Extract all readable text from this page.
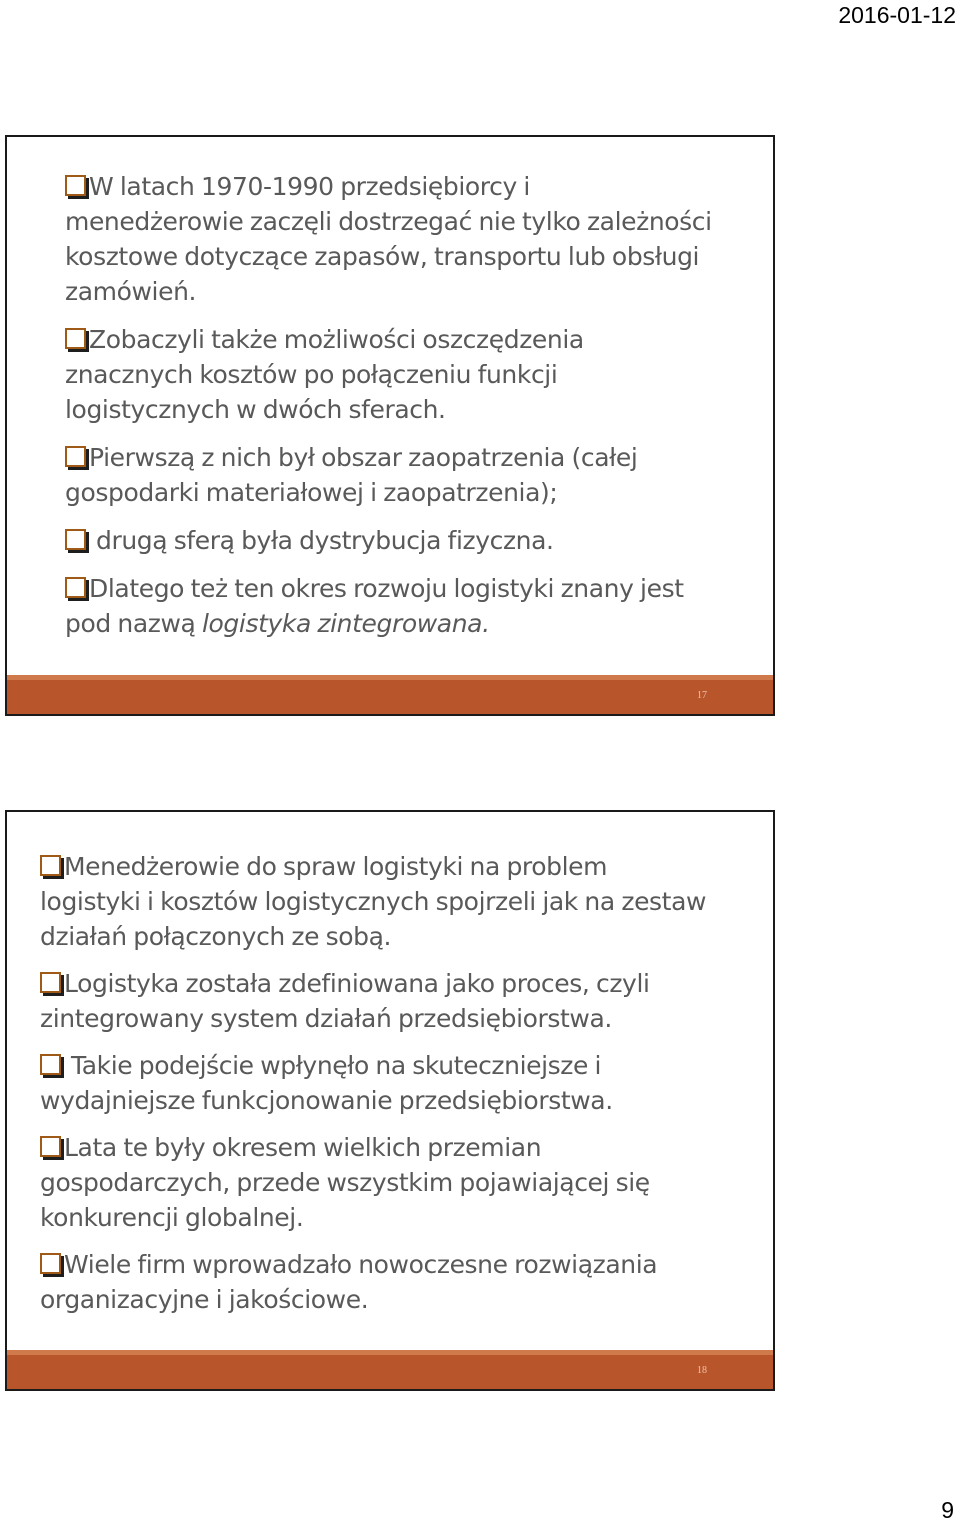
2016-01-12
W latach 1970-1990 przedsiębiorcy i menedżerowie zaczęli dostrzegać nie tylko zależności kosztowe dotyczące zapasów, transportu lub obsługi zamówień.
Zobaczyli także możliwości oszczędzenia znacznych kosztów po połączeniu funkcji logistycznych w dwóch sferach.
Pierwszą z nich był obszar zaopatrzenia (całej gospodarki materiałowej i zaopatrzenia);
drugą sferą była dystrybucja fizyczna.
Dlatego też ten okres rozwoju logistyki znany jest pod nazwą logistyka zintegrowana.
17
Menedżerowie do spraw logistyki na problem logistyki i kosztów logistycznych spojrzeli jak na zestaw działań połączonych ze sobą.
Logistyka została zdefiniowana jako proces, czyli zintegrowany system działań przedsiębiorstwa.
Takie podejście wpłynęło na skuteczniejsze i wydajniejsze funkcjonowanie przedsiębiorstwa.
Lata te były okresem wielkich przemian gospodarczych, przede wszystkim pojawiającej się konkurencji globalnej.
Wiele firm wprowadzało nowoczesne rozwiązania organizacyjne i jakościowe.
18
9
